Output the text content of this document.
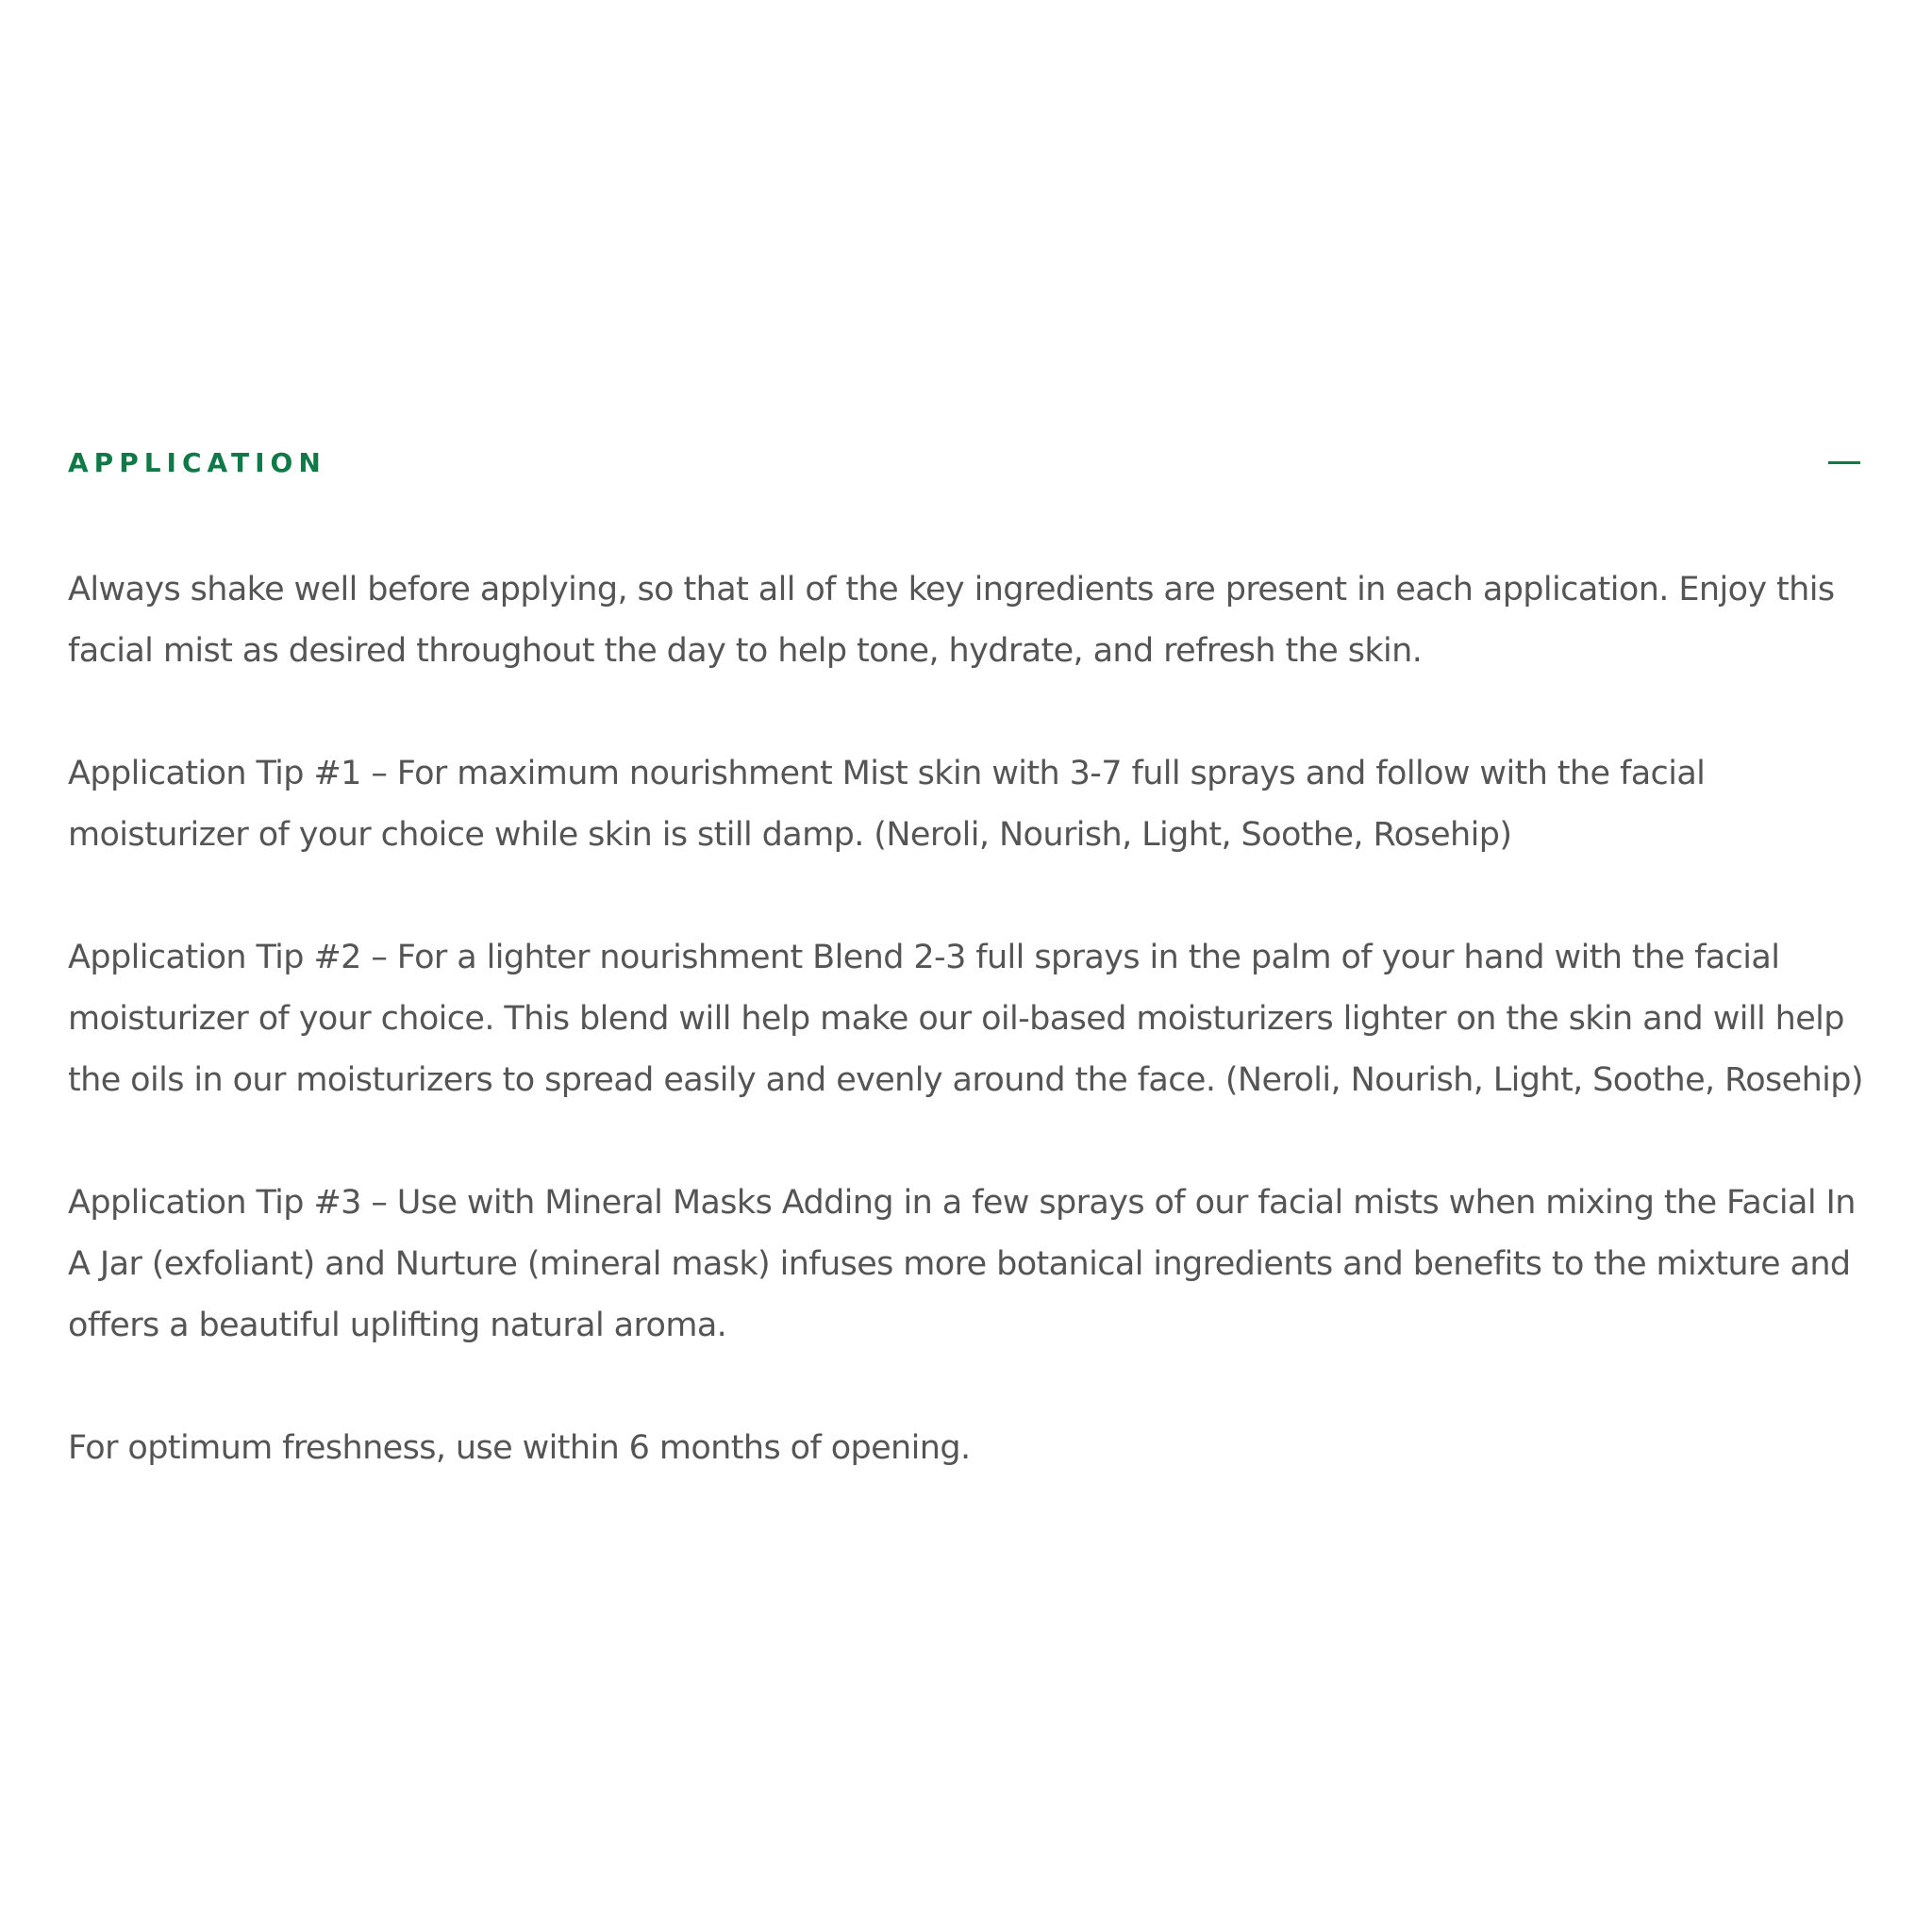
APPLICATION

Always shake well before applying, so that all of the key ingredients are present in each application. Enjoy this facial mist as desired throughout the day to help tone, hydrate, and refresh the skin.

Application Tip #1 – For maximum nourishment Mist skin with 3-7 full sprays and follow with the facial moisturizer of your choice while skin is still damp. (Neroli, Nourish, Light, Soothe, Rosehip)

Application Tip #2 – For a lighter nourishment Blend 2-3 full sprays in the palm of your hand with the facial moisturizer of your choice. This blend will help make our oil-based moisturizers lighter on the skin and will help the oils in our moisturizers to spread easily and evenly around the face. (Neroli, Nourish, Light, Soothe, Rosehip)

Application Tip #3 – Use with Mineral Masks Adding in a few sprays of our facial mists when mixing the Facial In A Jar (exfoliant) and Nurture (mineral mask) infuses more botanical ingredients and benefits to the mixture and offers a beautiful uplifting natural aroma.

For optimum freshness, use within 6 months of opening.
